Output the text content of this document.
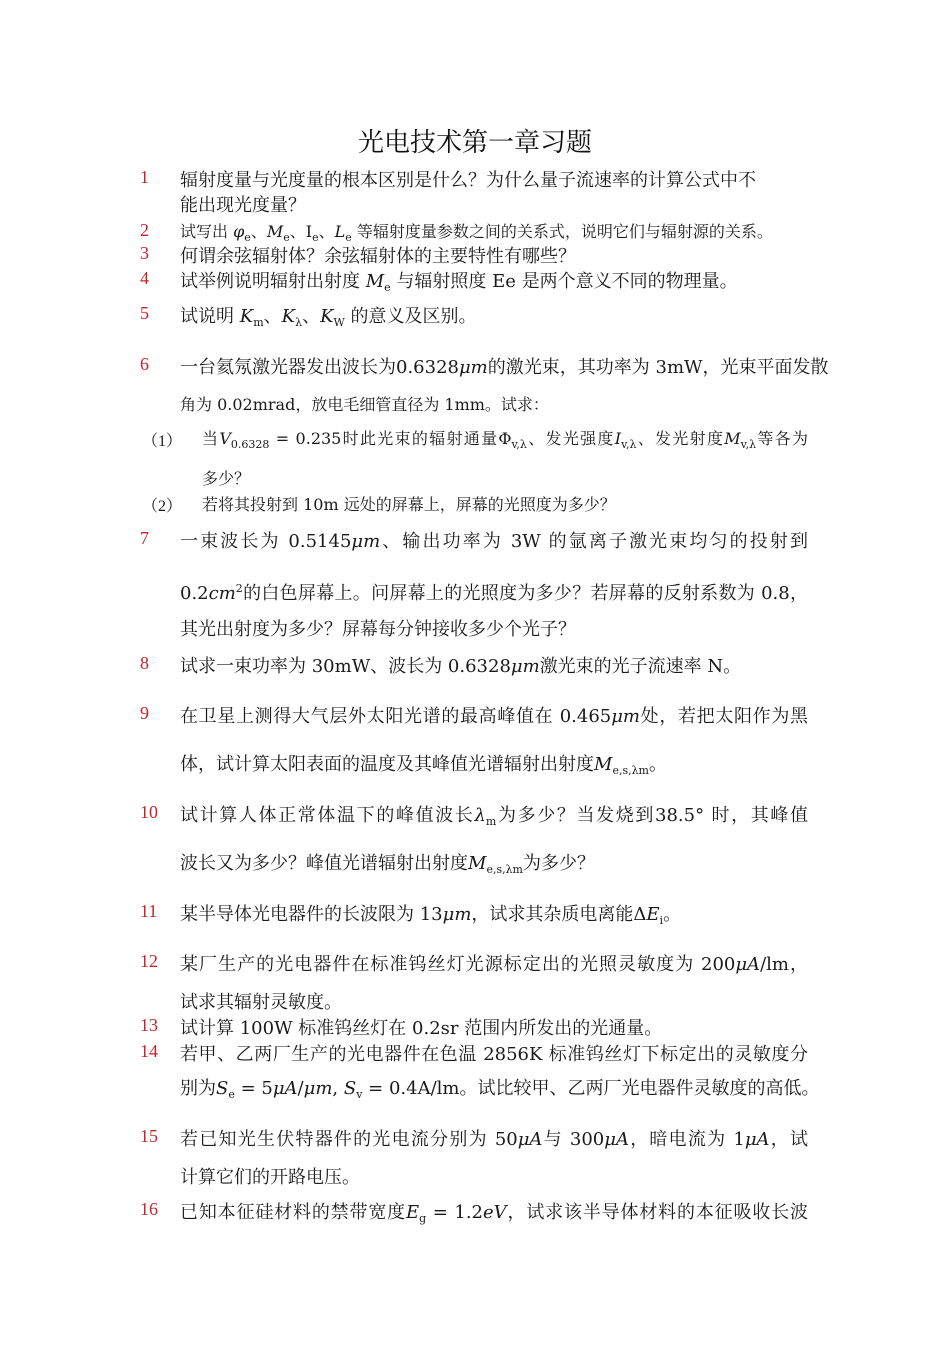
光电技术第一章习题
1	辐射度量与光度量的根本区别是什么？为什么量子流速率的计算公式中不
能出现光度量？
2	试写出 $\varphi_e$、$M_e$、$I_e$、$L_e$ 等辐射度量参数之间的关系式，说明它们与辐射源的关系。
3	何谓余弦辐射体？余弦辐射体的主要特性有哪些？
4	试举例说明辐射出射度 $M_e$ 与辐射照度 Ee 是两个意义不同的物理量。
5	试说明 $K_m$、$K_\lambda$、$K_W$ 的意义及区别。
6	一台氦氖激光器发出波长为0.6328μm的激光束，其功率为 3mW，光束平面发散
角为 0.02mrad，放电毛细管直径为 1mm。试求：
（1） 当$V_{0.6328} = 0.235$时此光束的辐射通量$\Phi_{v,\lambda}$、发光强度$I_{v,\lambda}$、发光射度$M_{v,\lambda}$等各为
多少？
（2） 若将其投射到 10m 远处的屏幕上，屏幕的光照度为多少？
7	一束波长为 0.5145μm、输出功率为 3W 的氩离子激光束均匀的投射到
$0.2cm^2$的白色屏幕上。问屏幕上的光照度为多少？若屏幕的反射系数为 0.8，
其光出射度为多少？屏幕每分钟接收多少个光子？
8	试求一束功率为 30mW、波长为 0.6328μm激光束的光子流速率 N。
9	在卫星上测得大气层外太阳光谱的最高峰值在 0.465μm处，若把太阳作为黑
体，试计算太阳表面的温度及其峰值光谱辐射出射度$M_{e,s,\lambda m}$。
10	试计算人体正常体温下的峰值波长$\lambda_m$为多少？当发烧到38.5° 时，其峰值
波长又为多少？峰值光谱辐射出射度$M_{e,s,\lambda m}$为多少？
11	某半导体光电器件的长波限为 13μm，试求其杂质电离能$\Delta E_i$。
12	某厂生产的光电器件在标准钨丝灯光源标定出的光照灵敏度为 200μA/lm，
试求其辐射灵敏度。
13	试计算 100W 标准钨丝灯在 0.2sr 范围内所发出的光通量。
14	若甲、乙两厂生产的光电器件在色温 2856K 标准钨丝灯下标定出的灵敏度分
别为$S_e = 5\mu A/\mu m$, $S_v = 0.4A/lm$。试比较甲、乙两厂光电器件灵敏度的高低。
15	若已知光生伏特器件的光电流分别为 50μA与 300μA，暗电流为 1μA，试
计算它们的开路电压。
16	已知本征硅材料的禁带宽度$E_g = 1.2eV$，试求该半导体材料的本征吸收长波
